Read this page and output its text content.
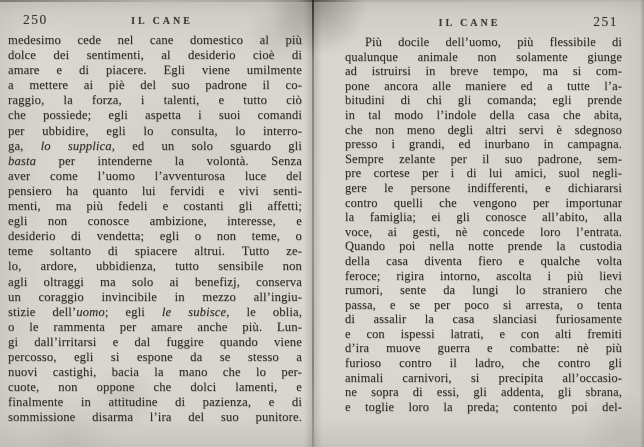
250	IL CANE
medesimo cede nel cane domestico al più
dolce dei sentimenti, al desiderio cioè di
amare e di piacere. Egli viene umilmente
a mettere ai piè del suo padrone il co-
raggio, la forza, i talenti, e tutto ciò
che possiede; egli aspetta i suoi comandi
per ubbidire, egli lo consulta, lo interro-
ga, lo supplica, ed un solo sguardo gli
basta per intenderne la volontà. Senza
aver come l’uomo l’avventurosa luce del
pensiero ha quanto lui fervidi e vivi senti-
menti, ma più fedeli e costanti gli affetti;
egli non conosce ambizione, interesse, e
desiderio di vendetta; egli o non teme, o
teme soltanto di spiacere altrui. Tutto ze-
lo, ardore, ubbidienza, tutto sensibile non
agli oltraggi ma solo ai benefizj, conserva
un coraggio invincibile in mezzo all’ingiu-
stizie dell’uomo; egli le subisce, le oblia,
o le rammenta per amare anche più. Lun-
gi dall’irritarsi e dal fuggire quando viene
percosso, egli si espone da se stesso a
nuovi castighi, bacia la mano che lo per-
cuote, non oppone che dolci lamenti, e
finalmente in attitudine di pazienza, e di
sommissione disarma l’ira del suo punitore.
IL CANE	251
Più docile dell’uomo, più flessibile di
qualunque animale non solamente giunge
ad istruirsi in breve tempo, ma si com-
pone ancora alle maniere ed a tutte l’a-
bitudini di chi gli comanda; egli prende
in tal modo l’indole della casa che abita,
che non meno degli altri servi è sdegnoso
presso i grandi, ed inurbano in campagna.
Sempre zelante per il suo padrone, sem-
pre cortese per i di lui amici, suol negli-
gere le persone indifferenti, e dichiararsi
contro quelli che vengono per importunar
la famiglia; ei gli conosce all’abito, alla
voce, ai gesti, nè concede loro l’entrata.
Quando poi nella notte prende la custodia
della casa diventa fiero e qualche volta
feroce; rigira intorno, ascolta i più lievi
rumori, sente da lungi lo straniero che
passa, e se per poco si arresta, o tenta
di assalir la casa slanciasi furiosamente
e con ispessi latrati, e con alti fremiti
d’ira muove guerra e combatte: nè più
furioso contro il ladro, che contro gli
animali carnivori, si precipita all’occasio-
ne sopra di essi, gli addenta, gli sbrana,
e toglie loro la preda; contento poi del-
